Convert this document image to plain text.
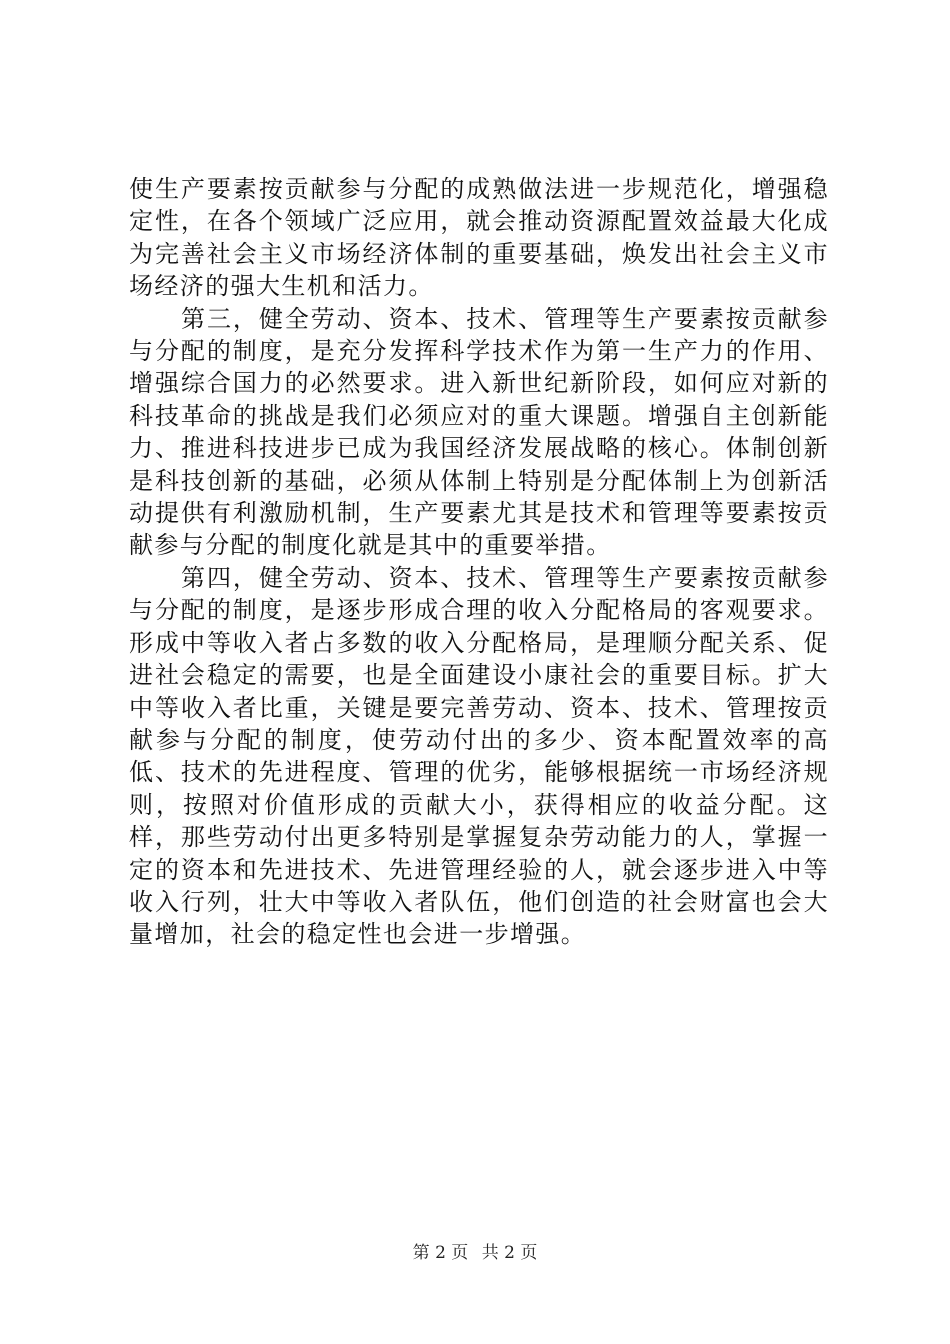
使生产要素按贡献参与分配的成熟做法进一步规范化，增强稳定性，在各个领域广泛应用，就会推动资源配置效益最大化成为完善社会主义市场经济体制的重要基础，焕发出社会主义市场经济的强大生机和活力。

第三，健全劳动、资本、技术、管理等生产要素按贡献参与分配的制度，是充分发挥科学技术作为第一生产力的作用、增强综合国力的必然要求。进入新世纪新阶段，如何应对新的科技革命的挑战是我们必须应对的重大课题。增强自主创新能力、推进科技进步已成为我国经济发展战略的核心。体制创新是科技创新的基础，必须从体制上特别是分配体制上为创新活动提供有利激励机制，生产要素尤其是技术和管理等要素按贡献参与分配的制度化就是其中的重要举措。

第四，健全劳动、资本、技术、管理等生产要素按贡献参与分配的制度，是逐步形成合理的收入分配格局的客观要求。形成中等收入者占多数的收入分配格局，是理顺分配关系、促进社会稳定的需要，也是全面建设小康社会的重要目标。扩大中等收入者比重，关键是要完善劳动、资本、技术、管理按贡献参与分配的制度，使劳动付出的多少、资本配置效率的高低、技术的先进程度、管理的优劣，能够根据统一市场经济规则，按照对价值形成的贡献大小，获得相应的收益分配。这样，那些劳动付出更多特别是掌握复杂劳动能力的人，掌握一定的资本和先进技术、先进管理经验的人，就会逐步进入中等收入行列，壮大中等收入者队伍，他们创造的社会财富也会大量增加，社会的稳定性也会进一步增强。

第 2 页 共 2 页
